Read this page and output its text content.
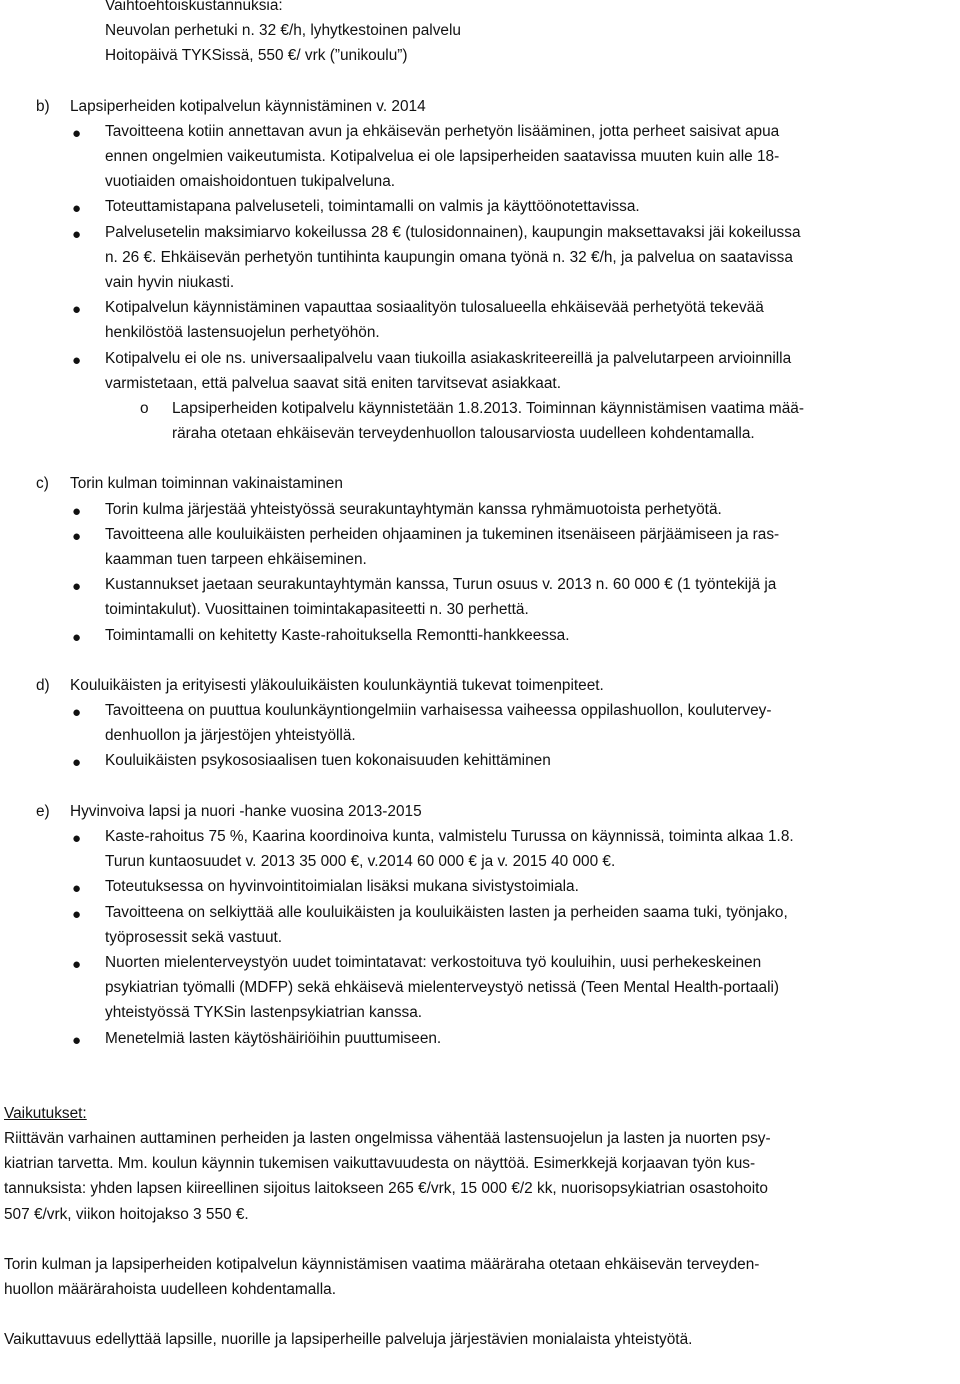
Vaihtoehtoiskustannuksia:
Neuvolan perhetuki n. 32 €/h, lyhytkestoinen palvelu
Hoitopäivä TYKSissä, 550 €/ vrk (”unikoulu”)
b) Lapsiperheiden kotipalvelun käynnistäminen v. 2014
● Tavoitteena kotiin annettavan avun ja ehkäisevän perhetyön lisääminen, jotta perheet saisivat apua
ennen ongelmien vaikeutumista. Kotipalvelua ei ole lapsiperheiden saatavissa muuten kuin alle 18-
vuotiaiden omaishoidontuen tukipalveluna.
● Toteuttamistapana palveluseteli, toimintamalli on valmis ja käyttöönotettavissa.
● Palvelusetelin maksimiarvo kokeilussa 28 € (tulosidonnainen), kaupungin maksettavaksi jäi kokeilussa
n. 26 €. Ehkäisevän perhetyön tuntihinta kaupungin omana työnä n. 32 €/h, ja palvelua on saatavissa
vain hyvin niukasti.
● Kotipalvelun käynnistäminen vapauttaa sosiaalityön tulosalueella ehkäisevää perhetyötä tekevää
henkilöstöä lastensuojelun perhetyöhön.
● Kotipalvelu ei ole ns. universaalipalvelu vaan tiukoilla asiakaskriteereillä ja palvelutarpeen arvioinnilla
varmistetaan, että palvelua saavat sitä eniten tarvitsevat asiakkaat.
o Lapsiperheiden kotipalvelu käynnistetään 1.8.2013. Toiminnan käynnistämisen vaatima mää-
räraha otetaan ehkäisevän terveydenhuollon talousarviosta uudelleen kohdentamalla.
c) Torin kulman toiminnan vakinaistaminen
● Torin kulma järjestää yhteistyössä seurakuntayhtymän kanssa ryhmämuotoista perhetyötä.
● Tavoitteena alle kouluikäisten perheiden ohjaaminen ja tukeminen itsenäiseen pärjäämiseen ja ras-
kaamman tuen tarpeen ehkäiseminen.
● Kustannukset jaetaan seurakuntayhtymän kanssa, Turun osuus v. 2013 n. 60 000 € (1 työntekijä ja
toimintakulut). Vuosittainen toimintakapasiteetti n. 30 perhettä.
● Toimintamalli on kehitetty Kaste-rahoituksella Remontti-hankkeessa.
d) Kouluikäisten ja erityisesti yläkouluikäisten koulunkäyntiä tukevat toimenpiteet.
● Tavoitteena on puuttua koulunkäyntiongelmiin varhaisessa vaiheessa oppilashuollon, koulutervey-
denhuollon ja järjestöjen yhteistyöllä.
● Kouluikäisten psykososiaalisen tuen kokonaisuuden kehittäminen
e) Hyvinvoiva lapsi ja nuori -hanke vuosina 2013-2015
● Kaste-rahoitus 75 %, Kaarina koordinoiva kunta, valmistelu Turussa on käynnissä, toiminta alkaa 1.8.
Turun kuntaosuudet v. 2013 35 000 €, v.2014 60 000 € ja v. 2015 40 000 €.
● Toteutuksessa on hyvinvointitoimialan lisäksi mukana sivistystoimiala.
● Tavoitteena on selkiyttää alle kouluikäisten ja kouluikäisten lasten ja perheiden saama tuki, työnjako,
työprosessit sekä vastuut.
● Nuorten mielenterveystyön uudet toimintatavat: verkostoituva työ kouluihin, uusi perhekeskeinen
psykiatrian työmalli (MDFP) sekä ehkäisevä mielenterveystyö netissä (Teen Mental Health-portaali)
yhteistyössä TYKSin lastenpsykiatrian kanssa.
● Menetelmiä lasten käytöshäiriöihin puuttumiseen.
Vaikutukset:
Riittävän varhainen auttaminen perheiden ja lasten ongelmissa vähentää lastensuojelun ja lasten ja nuorten psy-
kiatrian tarvetta. Mm. koulun käynnin tukemisen vaikuttavuudesta on näyttöä. Esimerkkejä korjaavan työn kus-
tannuksista: yhden lapsen kiireellinen sijoitus laitokseen 265 €/vrk, 15 000 €/2 kk, nuorisopsykiatrian osastohoito
507 €/vrk, viikon hoitojakso 3 550 €.
Torin kulman ja lapsiperheiden kotipalvelun käynnistämisen vaatima määräraha otetaan ehkäisevän terveyden-
huollon määrärahoista uudelleen kohdentamalla.
Vaikuttavuus edellyttää lapsille, nuorille ja lapsiperheille palveluja järjestävien monialaista yhteistyötä.
